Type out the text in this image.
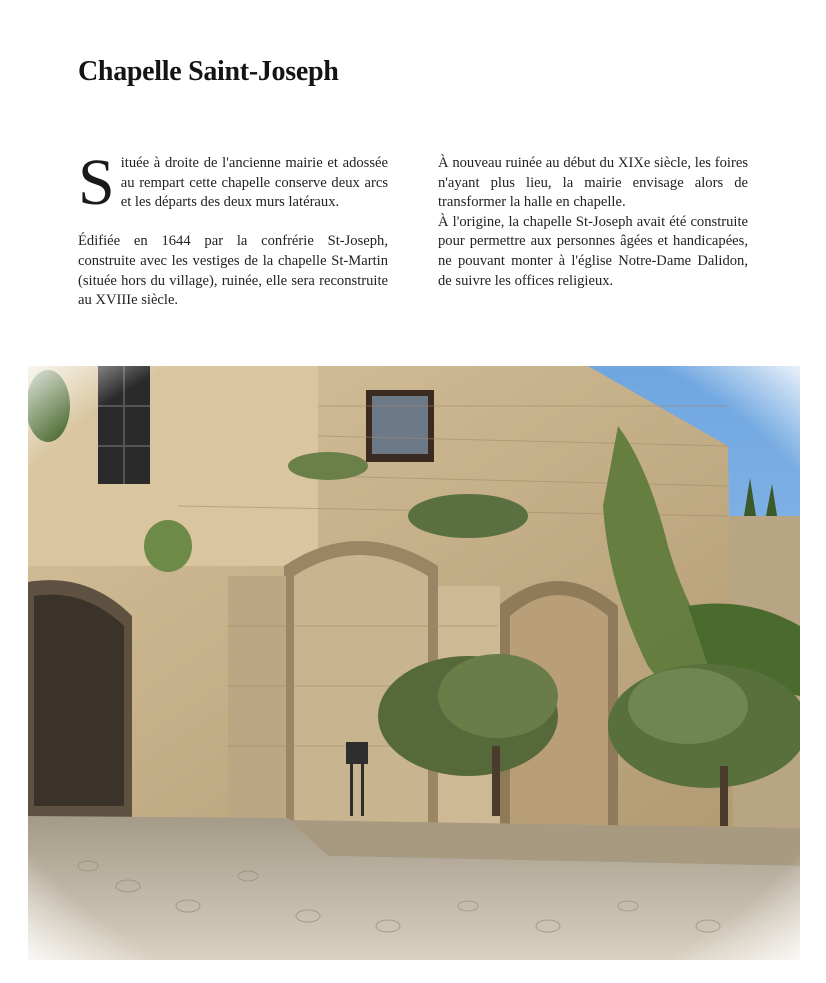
Chapelle Saint-Joseph

Située à droite de l'ancienne mairie et adossée au rempart cette chapelle conserve deux arcs et les départs des deux murs latéraux.

Édifiée en 1644 par la confrérie St-Joseph, construite avec les vestiges de la chapelle St-Martin (située hors du village), ruinée, elle sera reconstruite au XVIIIe siècle.

À nouveau ruinée au début du XIXe siècle, les foires n'ayant plus lieu, la mairie envisage alors de transformer la halle en chapelle.

À l'origine, la chapelle St-Joseph avait été construite pour permettre aux personnes âgées et handicapées, ne pouvant monter à l'église Notre-Dame Dalidon, de suivre les offices religieux.
